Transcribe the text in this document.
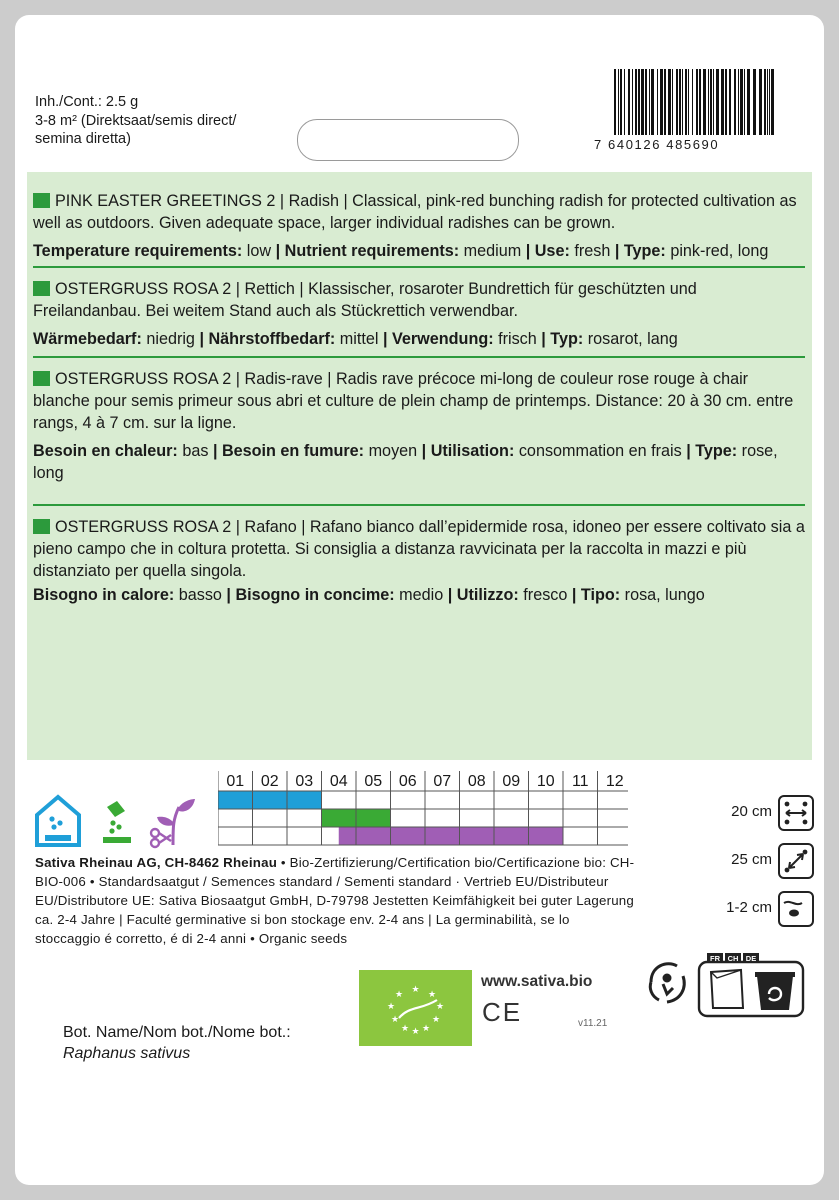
Inh./Cont.: 2.5 g
3-8 m² (Direktsaat/semis direct/
semina diretta)	7 640126 485690
PINK EASTER GREETINGS 2 | Radish | Classical, pink-red bunching radish for protected cultivation as well as outdoors. Given adequate space, larger individual radishes can be grown.
Temperature requirements: low | Nutrient requirements: medium | Use: fresh | Type: pink-red, long
OSTERGRUSS ROSA 2 | Rettich | Klassischer, rosaroter Bundrettich für geschützten und Freilandanbau. Bei weitem Stand auch als Stückrettich verwendbar.
Wärmebedarf: niedrig | Nährstoffbedarf: mittel | Verwendung: frisch | Typ: rosarot, lang
OSTERGRUSS ROSA 2 | Radis-rave | Radis rave précoce mi-long de couleur rose rouge à chair blanche pour semis primeur sous abri et culture de plein champ de printemps. Distance: 20 à 30 cm. entre rangs, 4 à 7 cm. sur la ligne.
Besoin en chaleur: bas | Besoin en fumure: moyen | Utilisation: consommation en frais | Type: rose, long
OSTERGRUSS ROSA 2 | Rafano | Rafano bianco dall’epidermide rosa, idoneo per essere coltivato sia a pieno campo che in coltura protetta. Si consiglia a distanza ravvicinata per la raccolta in mazzi e più distanziato per quella singola.
Bisogno in calore: basso | Bisogno in concime: medio | Utilizzo: fresco | Tipo: rosa, lungo
01 02 03 04 05 06 07 08 09 10 11 12
Sativa Rheinau AG, CH-8462 Rheinau • Bio-Zertifizierung/Certification bio/Certificazione bio: CH-BIO-006 • Standardsaatgut / Semences standard / Sementi standard · Vertrieb EU/Distributeur EU/Distributore UE: Sativa Biosaatgut GmbH, D-79798 Jestetten Keimfähigkeit bei guter Lagerung ca. 2-4 Jahre | Faculté germinative si bon stockage env. 2-4 ans | La germinabilità, se lo stoccaggio é corretto, é di 2-4 anni • Organic seeds
20 cm
25 cm
1-2 cm
★
★	★
★	★
★	★
★ ★
★
www.sativa.bio
CE	v11.21
Bot. Name/Nom bot./Nome bot.:
Raphanus sativus
FR CH DE
